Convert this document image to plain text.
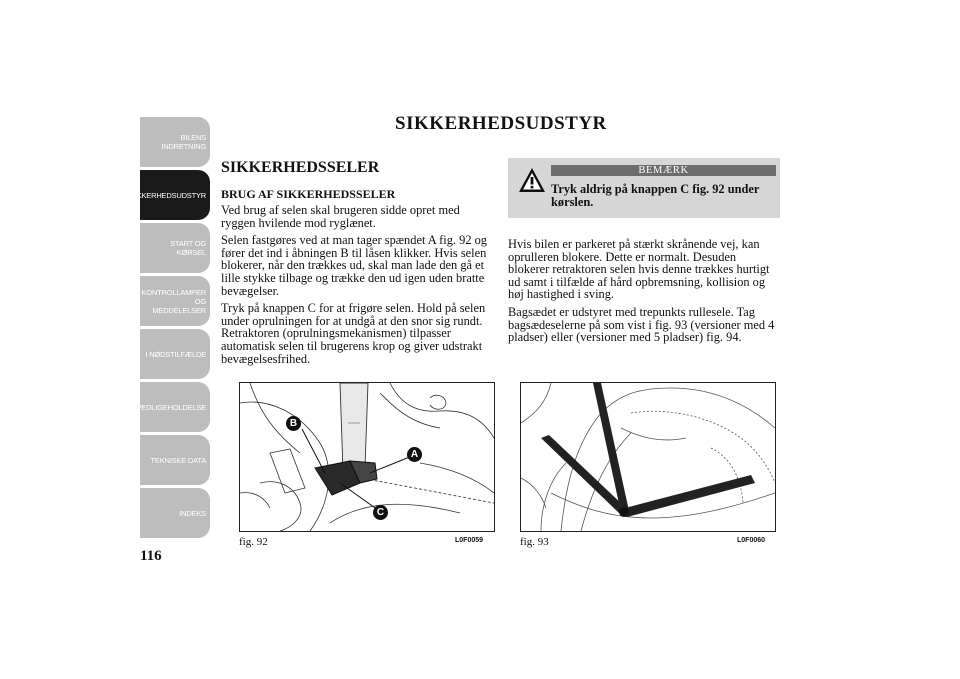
BILENS
INDRETNING
SIKKERHEDSUDSTYR
START OG KØRSEL
KONTROLLAMPER
OG MEDDELELSER
I NØDSTILFÆLDE
VEDLIGEHOLDELSE
TEKNISKE DATA
INDEKS
116
SIKKERHEDSUDSTYR
SIKKERHEDSSELER
BRUG AF SIKKERHEDSSELER

Ved brug af selen skal brugeren sidde opret med ryggen hvilende mod ryglænet.

Selen fastgøres ved at man tager spændet A fig. 92 og fører det ind i åbningen B til låsen klikker. Hvis selen blokerer, når den trækkes ud, skal man lade den gå et lille stykke tilbage og trække den ud igen uden bratte bevægelser.

Tryk på knappen C for at frigøre selen. Hold på selen under oprulningen for at undgå at den snor sig rundt. Retraktoren (oprulningsmekanismen) tilpasser automatisk selen til brugerens krop og giver udstrakt bevægelsesfrihed.

BEMÆRK
Tryk aldrig på knappen C fig. 92 under kørslen.

Hvis bilen er parkeret på stærkt skrånende vej, kan oprulleren blokere. Dette er normalt. Desuden blokerer retraktoren selen hvis denne trækkes hurtigt ud samt i tilfælde af hård opbremsning, kollision og høj hastighed i sving.

Bagsædet er udstyret med trepunkts rullesele. Tag bagsædeselerne på som vist i fig. 93 (versioner med 4 pladser) eller (versioner med 5 pladser) fig. 94.

B
A
C
fig. 92	L0F0059	fig. 93	L0F0060
